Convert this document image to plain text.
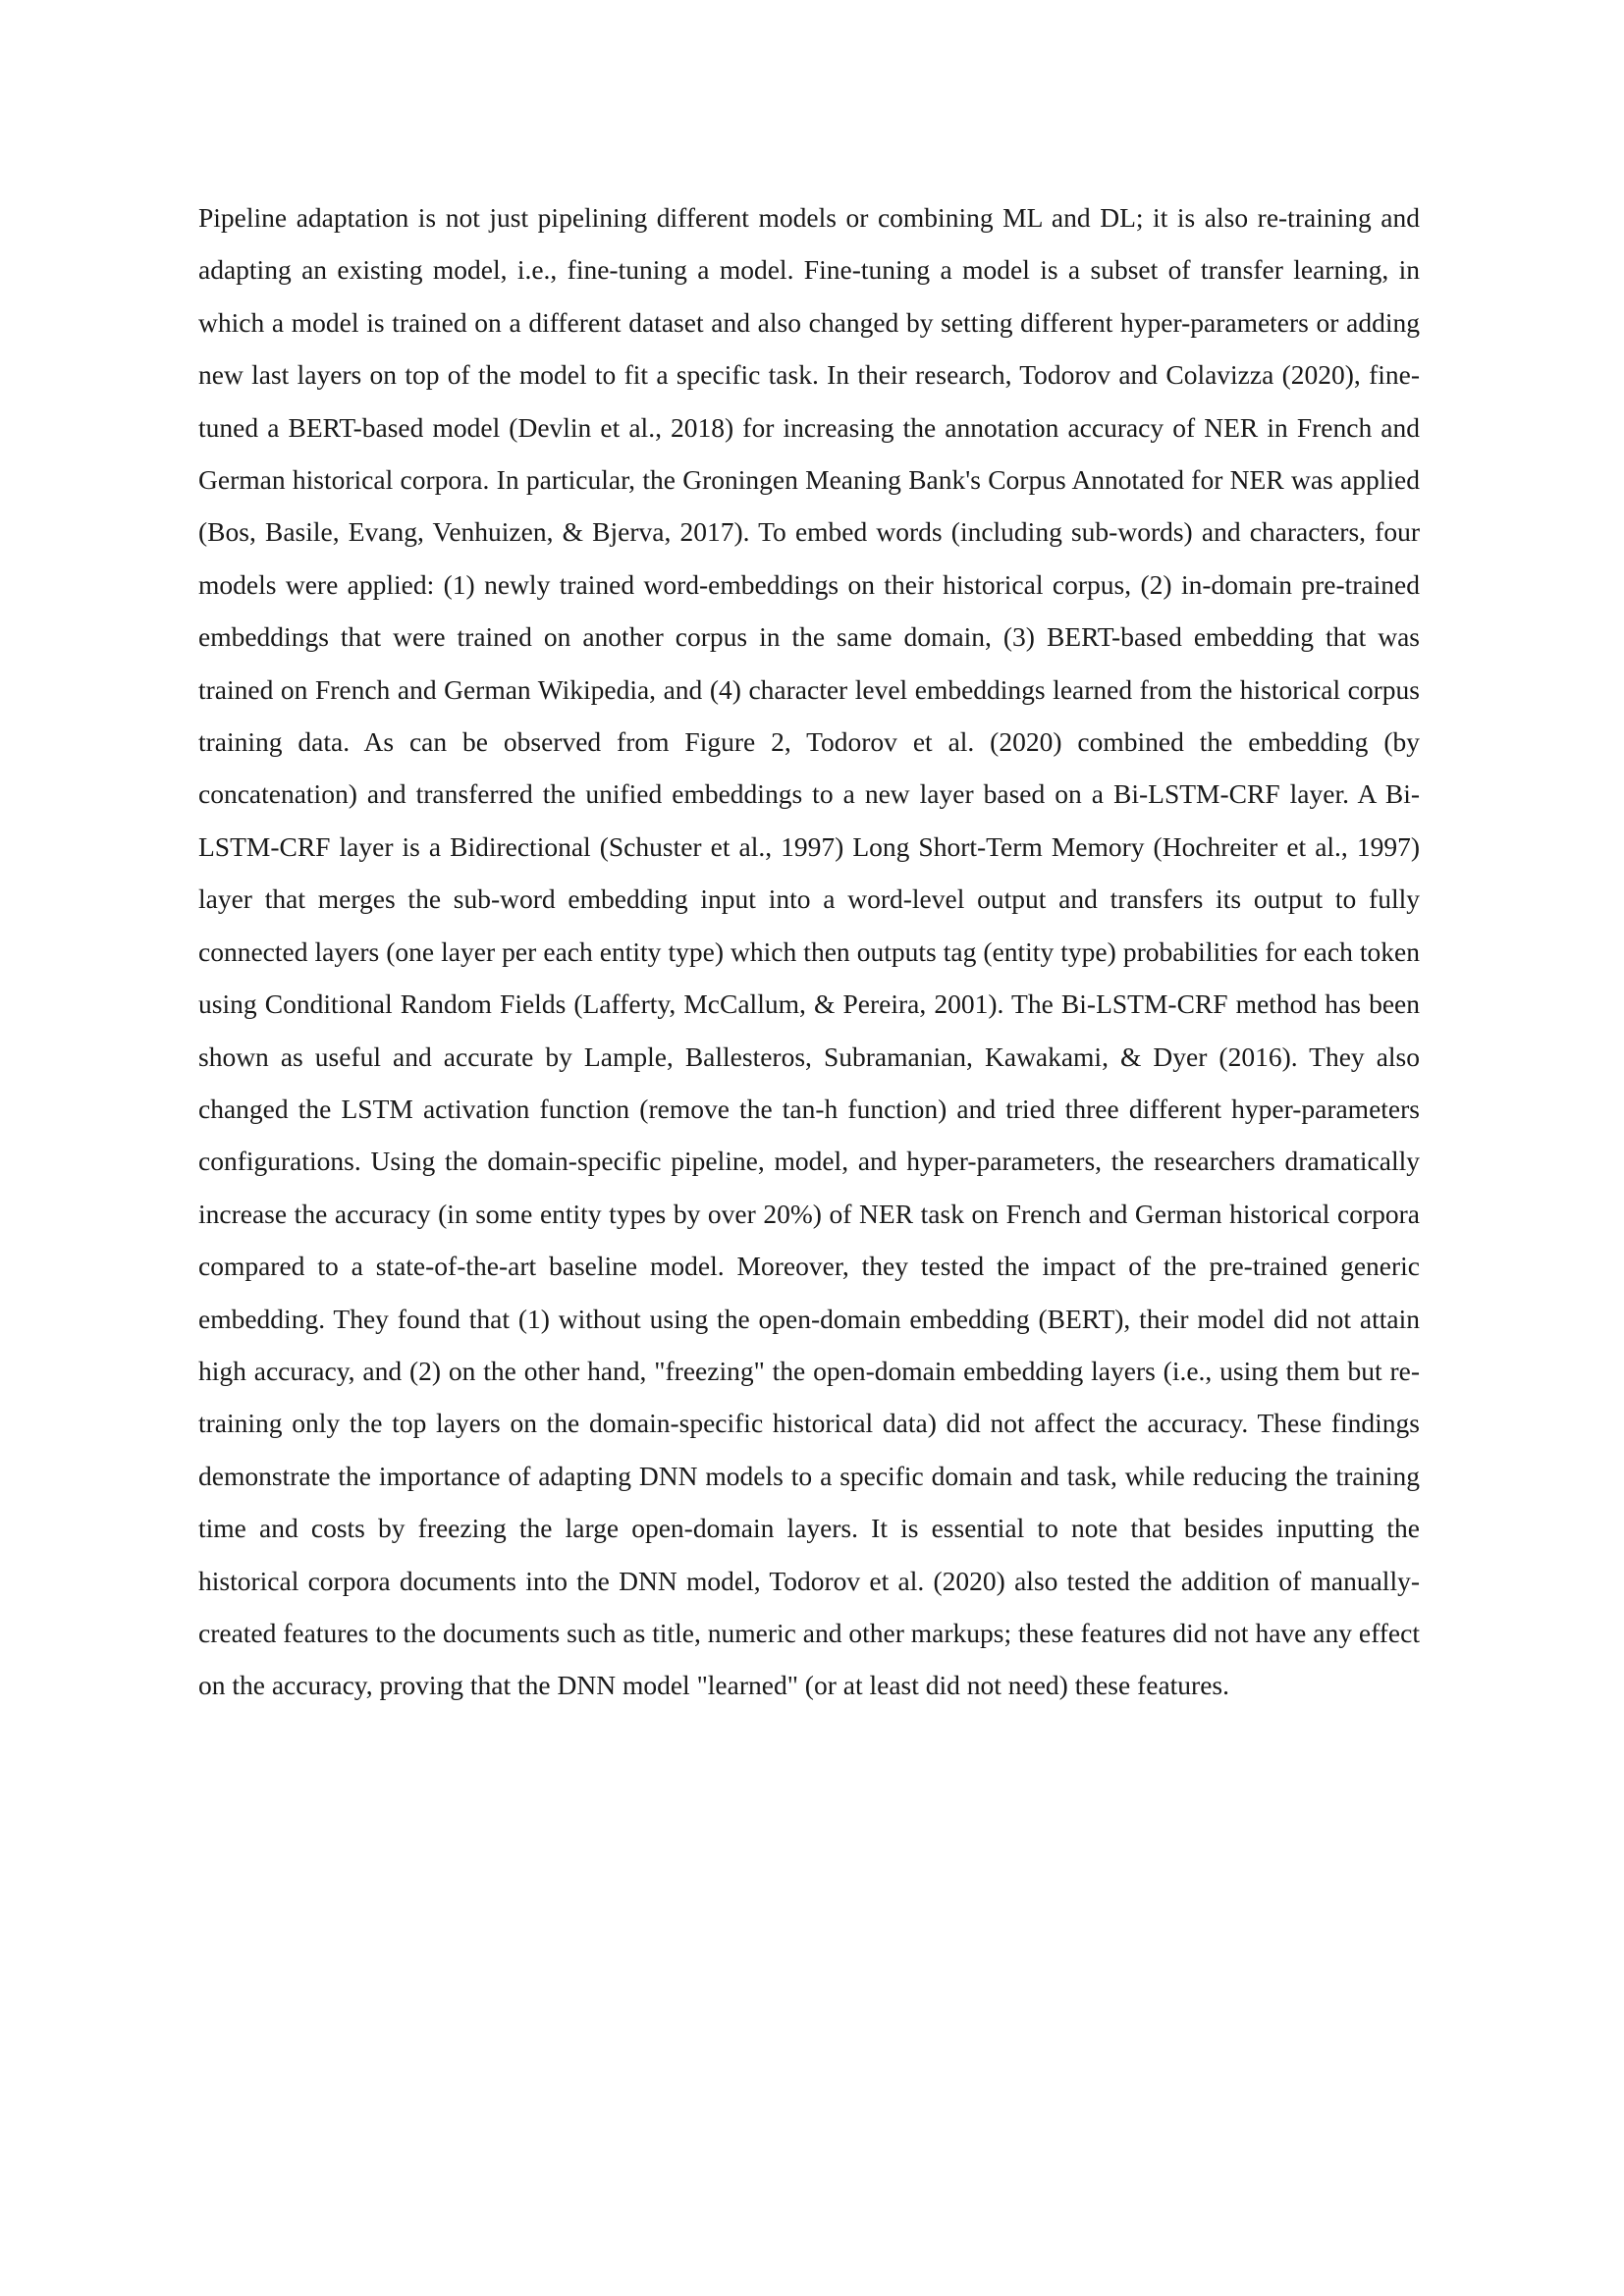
Pipeline adaptation is not just pipelining different models or combining ML and DL; it is also re-training and adapting an existing model, i.e., fine-tuning a model. Fine-tuning a model is a subset of transfer learning, in which a model is trained on a different dataset and also changed by setting different hyper-parameters or adding new last layers on top of the model to fit a specific task. In their research, Todorov and Colavizza (2020), fine-tuned a BERT-based model (Devlin et al., 2018) for increasing the annotation accuracy of NER in French and German historical corpora. In particular, the Groningen Meaning Bank's Corpus Annotated for NER was applied (Bos, Basile, Evang, Venhuizen, & Bjerva, 2017). To embed words (including sub-words) and characters, four models were applied: (1) newly trained word-embeddings on their historical corpus, (2) in-domain pre-trained embeddings that were trained on another corpus in the same domain, (3) BERT-based embedding that was trained on French and German Wikipedia, and (4) character level embeddings learned from the historical corpus training data. As can be observed from Figure 2, Todorov et al. (2020) combined the embedding (by concatenation) and transferred the unified embeddings to a new layer based on a Bi-LSTM-CRF layer. A Bi-LSTM-CRF layer is a Bidirectional (Schuster et al., 1997) Long Short-Term Memory (Hochreiter et al., 1997) layer that merges the sub-word embedding input into a word-level output and transfers its output to fully connected layers (one layer per each entity type) which then outputs tag (entity type) probabilities for each token using Conditional Random Fields (Lafferty, McCallum, & Pereira, 2001). The Bi-LSTM-CRF method has been shown as useful and accurate by Lample, Ballesteros, Subramanian, Kawakami, & Dyer (2016). They also changed the LSTM activation function (remove the tan-h function) and tried three different hyper-parameters configurations. Using the domain-specific pipeline, model, and hyper-parameters, the researchers dramatically increase the accuracy (in some entity types by over 20%) of NER task on French and German historical corpora compared to a state-of-the-art baseline model. Moreover, they tested the impact of the pre-trained generic embedding. They found that (1) without using the open-domain embedding (BERT), their model did not attain high accuracy, and (2) on the other hand, "freezing" the open-domain embedding layers (i.e., using them but re-training only the top layers on the domain-specific historical data) did not affect the accuracy. These findings demonstrate the importance of adapting DNN models to a specific domain and task, while reducing the training time and costs by freezing the large open-domain layers. It is essential to note that besides inputting the historical corpora documents into the DNN model, Todorov et al. (2020) also tested the addition of manually-created features to the documents such as title, numeric and other markups; these features did not have any effect on the accuracy, proving that the DNN model "learned" (or at least did not need) these features.
